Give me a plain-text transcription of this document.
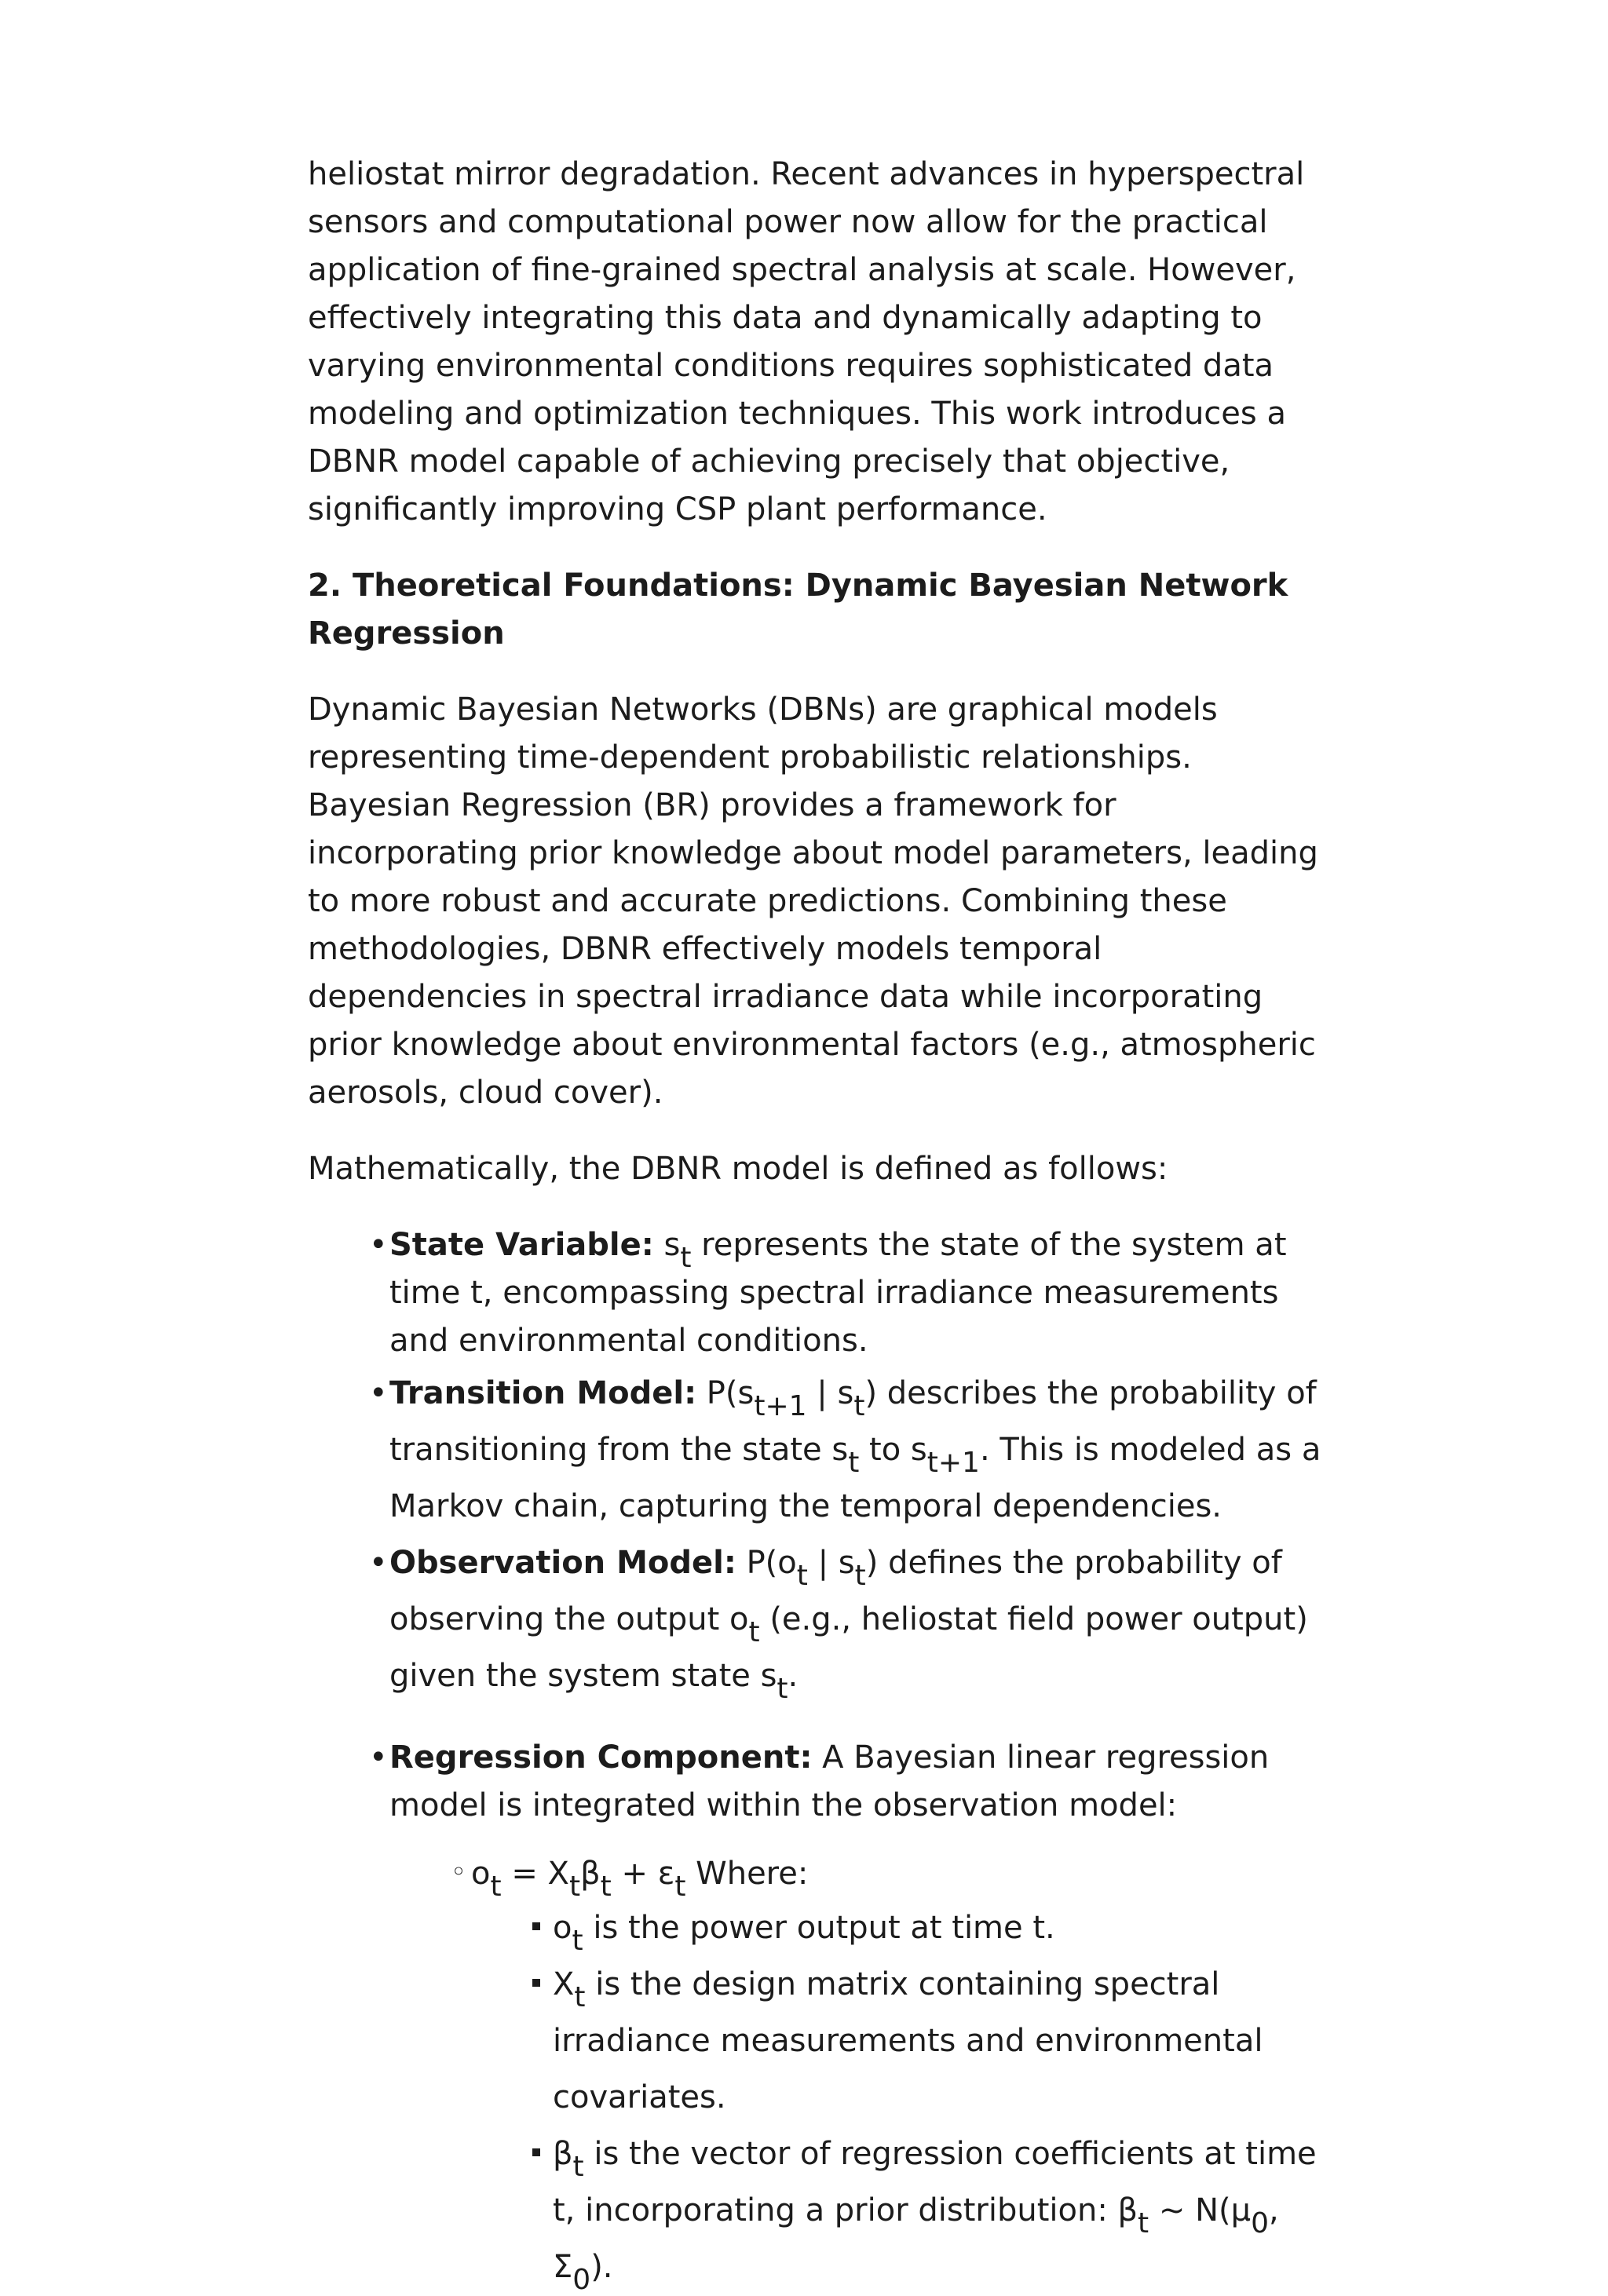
heliostat mirror degradation. Recent advances in hyperspectral sensors and computational power now allow for the practical application of fine-grained spectral analysis at scale. However, effectively integrating this data and dynamically adapting to varying environmental conditions requires sophisticated data modeling and optimization techniques. This work introduces a DBNR model capable of achieving precisely that objective, significantly improving CSP plant performance.

2. Theoretical Foundations: Dynamic Bayesian Network Regression

Dynamic Bayesian Networks (DBNs) are graphical models representing time-dependent probabilistic relationships. Bayesian Regression (BR) provides a framework for incorporating prior knowledge about model parameters, leading to more robust and accurate predictions. Combining these methodologies, DBNR effectively models temporal dependencies in spectral irradiance data while incorporating prior knowledge about environmental factors (e.g., atmospheric aerosols, cloud cover).

Mathematically, the DBNR model is defined as follows:

• State Variable: $s_t$ represents the state of the system at time t, encompassing spectral irradiance measurements and environmental conditions.
• Transition Model: $P(s_{t+1}$ | $s_t$) describes the probability of transitioning from the state $s_t$ to $s_{t+1}$. This is modeled as a Markov chain, capturing the temporal dependencies.
• Observation Model: $P(o_t$ | $s_t$) defines the probability of observing the output $o_t$ (e.g., heliostat field power output) given the system state $s_t$.
• Regression Component: A Bayesian linear regression model is integrated within the observation model:
◦ $o_t = X_t\beta_t + \varepsilon_t$ Where:
$o_t$ is the power output at time t.
$X_t$ is the design matrix containing spectral irradiance measurements and environmental covariates.
$\beta_t$ is the vector of regression coefficients at time t, incorporating a prior distribution: $\beta_t$ ~ $N(\mu_0$, $\Sigma_0$).
